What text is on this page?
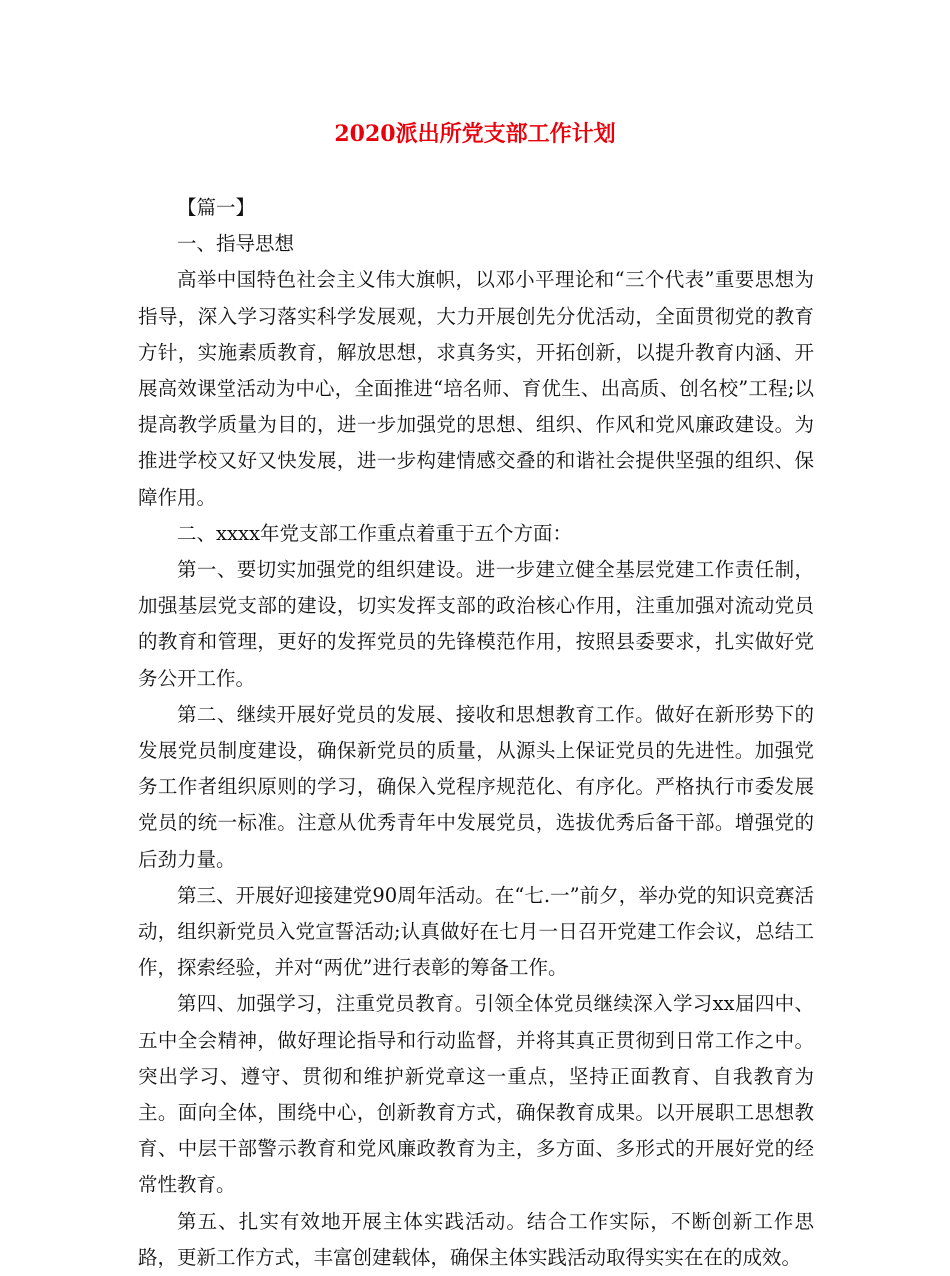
2020派出所党支部工作计划

【篇一】

一、指导思想

高举中国特色社会主义伟大旗帜，以邓小平理论和“三个代表”重要思想为指导，深入学习落实科学发展观，大力开展创先分优活动，全面贯彻党的教育方针，实施素质教育，解放思想，求真务实，开拓创新，以提升教育内涵、开展高效课堂活动为中心，全面推进“培名师、育优生、出高质、创名校”工程;以提高教学质量为目的，进一步加强党的思想、组织、作风和党风廉政建设。为推进学校又好又快发展，进一步构建情感交叠的和谐社会提供坚强的组织、保障作用。

二、xxxx年党支部工作重点着重于五个方面：

第一、要切实加强党的组织建设。进一步建立健全基层党建工作责任制，加强基层党支部的建设，切实发挥支部的政治核心作用，注重加强对流动党员的教育和管理，更好的发挥党员的先锋模范作用，按照县委要求，扎实做好党务公开工作。

第二、继续开展好党员的发展、接收和思想教育工作。做好在新形势下的发展党员制度建设，确保新党员的质量，从源头上保证党员的先进性。加强党务工作者组织原则的学习，确保入党程序规范化、有序化。严格执行市委发展党员的统一标准。注意从优秀青年中发展党员，选拔优秀后备干部。增强党的后劲力量。

第三、开展好迎接建党90周年活动。在“七.一”前夕，举办党的知识竞赛活动，组织新党员入党宣誓活动;认真做好在七月一日召开党建工作会议，总结工作，探索经验，并对“两优”进行表彰的筹备工作。

第四、加强学习，注重党员教育。引领全体党员继续深入学习xx届四中、五中全会精神，做好理论指导和行动监督，并将其真正贯彻到日常工作之中。突出学习、遵守、贯彻和维护新党章这一重点，坚持正面教育、自我教育为主。面向全体，围绕中心，创新教育方式，确保教育成果。以开展职工思想教育、中层干部警示教育和党风廉政教育为主，多方面、多形式的开展好党的经常性教育。

第五、扎实有效地开展主体实践活动。结合工作实际，不断创新工作思路，更新工作方式，丰富创建载体，确保主体实践活动取得实实在在的成效。
